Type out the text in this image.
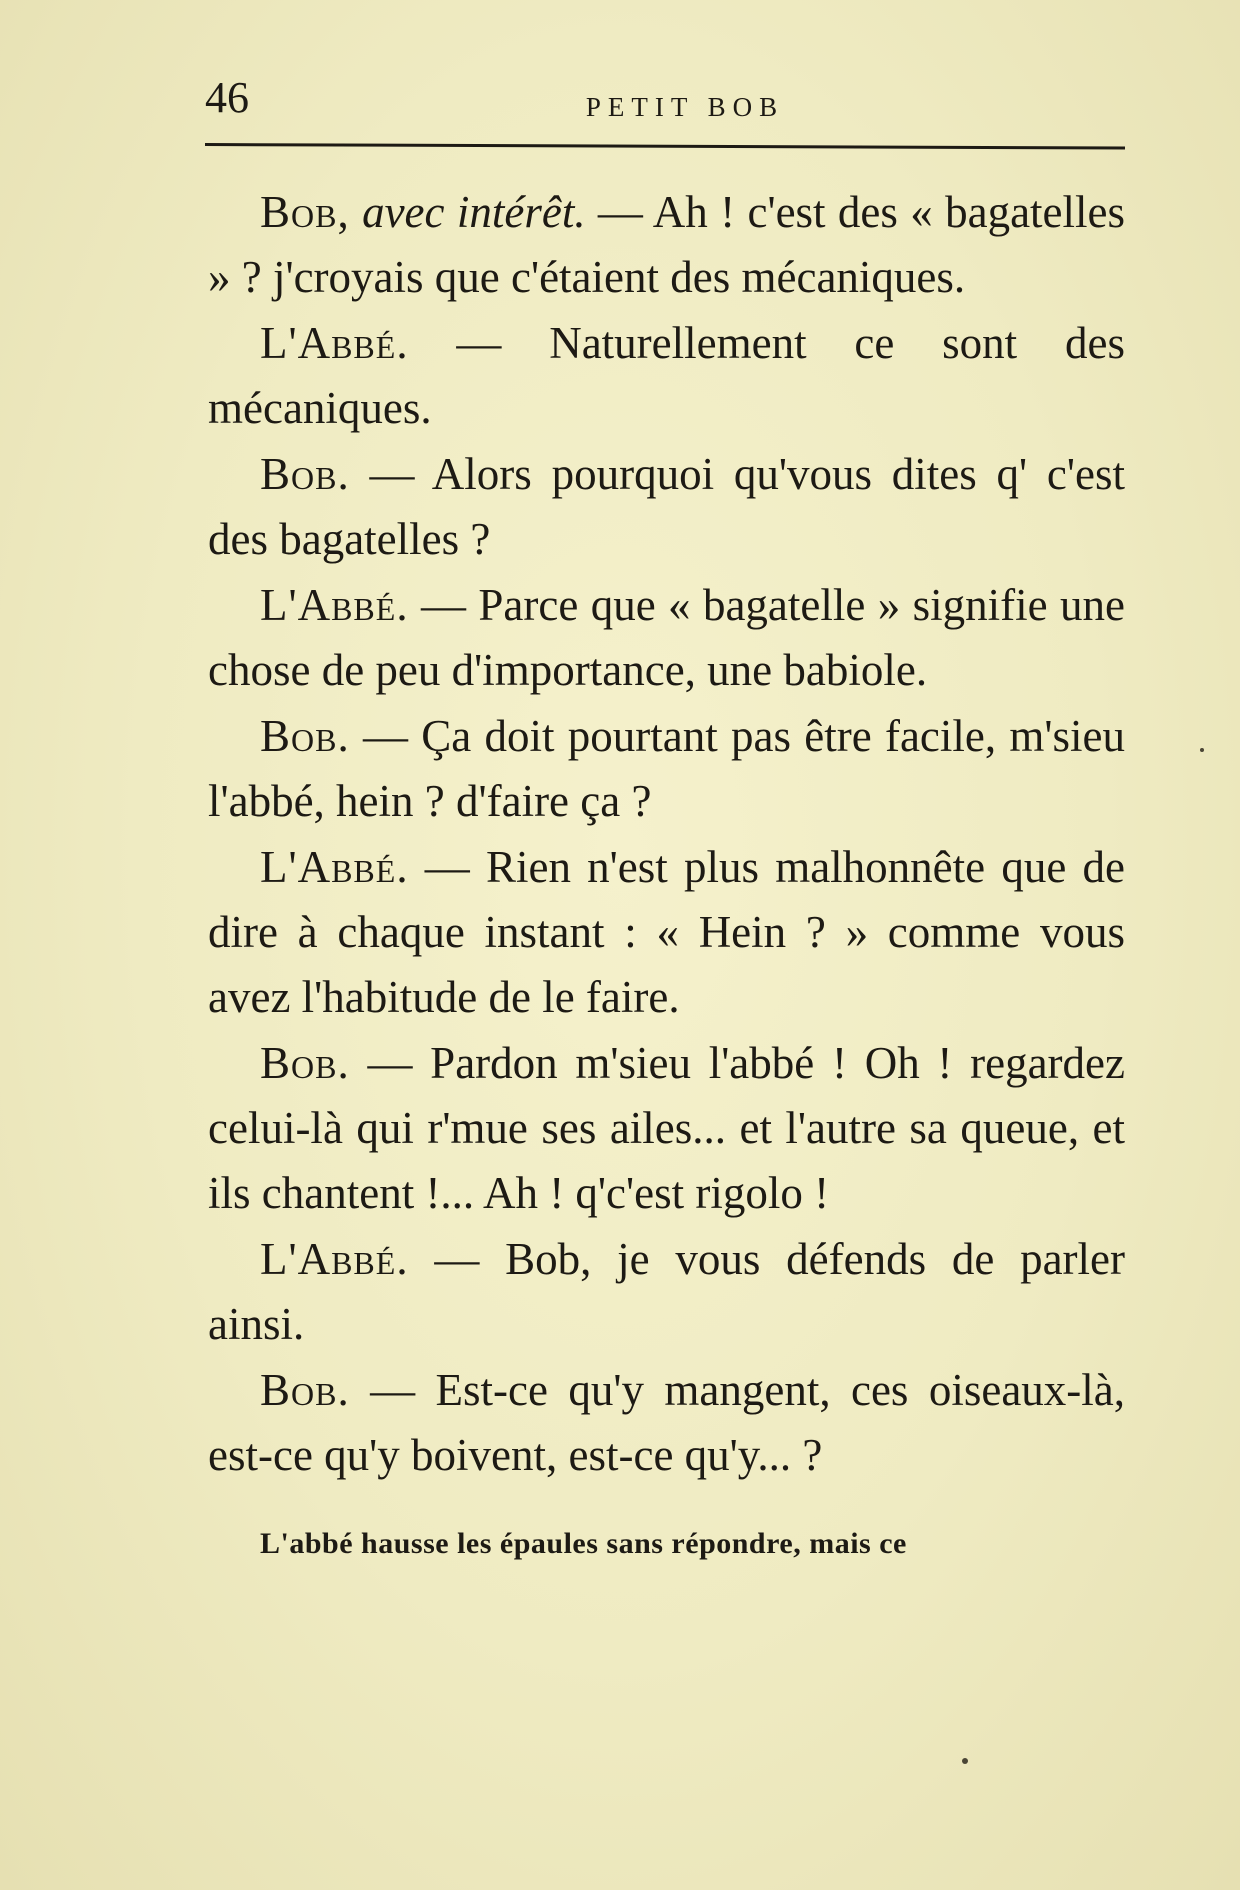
46	PETIT BOB

Bob, avec intérêt. — Ah ! c'est des « bagatelles » ? j'croyais que c'étaient des mécaniques.

L'Abbé. — Naturellement ce sont des mécaniques.

Bob. — Alors pourquoi qu'vous dites q' c'est des bagatelles ?

L'Abbé. — Parce que « bagatelle » signifie une chose de peu d'importance, une babiole.

Bob. — Ça doit pourtant pas être facile, m'sieu l'abbé, hein ? d'faire ça ?

L'Abbé. — Rien n'est plus malhonnête que de dire à chaque instant : « Hein ? » comme vous avez l'habitude de le faire.

Bob. — Pardon m'sieu l'abbé ! Oh ! regardez celui-là qui r'mue ses ailes... et l'autre sa queue, et ils chantent !... Ah ! q'c'est rigolo !

L'Abbé. — Bob, je vous défends de parler ainsi.

Bob. — Est-ce qu'y mangent, ces oiseaux-là, est-ce qu'y boivent, est-ce qu'y... ?

L'abbé hausse les épaules sans répondre, mais ce
